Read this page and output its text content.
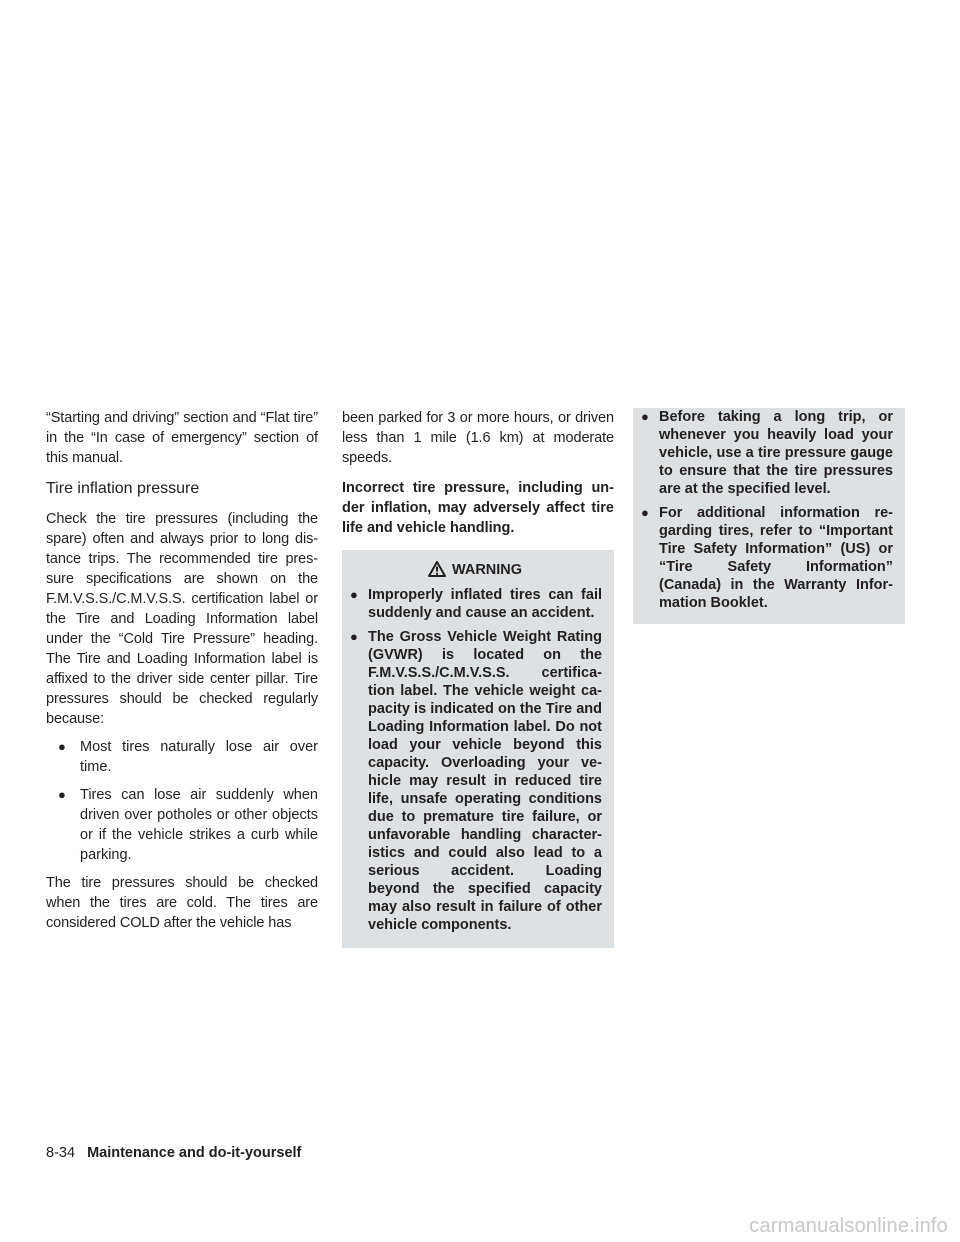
“Starting and driving” section and “Flat tire” in the “In case of emergency” section of this manual.

Tire inflation pressure

Check the tire pressures (including the spare) often and always prior to long dis- tance trips. The recommended tire pres- sure specifications are shown on the F.M.V.S.S./C.M.V.S.S. certification label or the Tire and Loading Information label under the “Cold Tire Pressure” heading. The Tire and Loading Information label is affixed to the driver side center pillar. Tire pressures should be checked regularly because:

● Most tires naturally lose air over time.
● Tires can lose air suddenly when driven over potholes or other objects or if the vehicle strikes a curb while parking.

The tire pressures should be checked when the tires are cold. The tires are considered COLD after the vehicle has

been parked for 3 or more hours, or driven less than 1 mile (1.6 km) at moderate speeds.

Incorrect tire pressure, including un- der inflation, may adversely affect tire life and vehicle handling.

WARNING
● Improperly inflated tires can fail suddenly and cause an accident.
● The Gross Vehicle Weight Rating (GVWR) is located on the F.M.V.S.S./C.M.V.S.S. certifica- tion label. The vehicle weight ca- pacity is indicated on the Tire and Loading Information label. Do not load your vehicle beyond this capacity. Overloading your ve- hicle may result in reduced tire life, unsafe operating conditions due to premature tire failure, or unfavorable handling character- istics and could also lead to a serious accident. Loading beyond the specified capacity may also result in failure of other vehicle components.
● Before taking a long trip, or whenever you heavily load your vehicle, use a tire pressure gauge to ensure that the tire pressures are at the specified level.
● For additional information re- garding tires, refer to “Important Tire Safety Information” (US) or “Tire Safety Information” (Canada) in the Warranty Infor- mation Booklet.
8-34 Maintenance and do-it-yourself
carmanualsonline.info
